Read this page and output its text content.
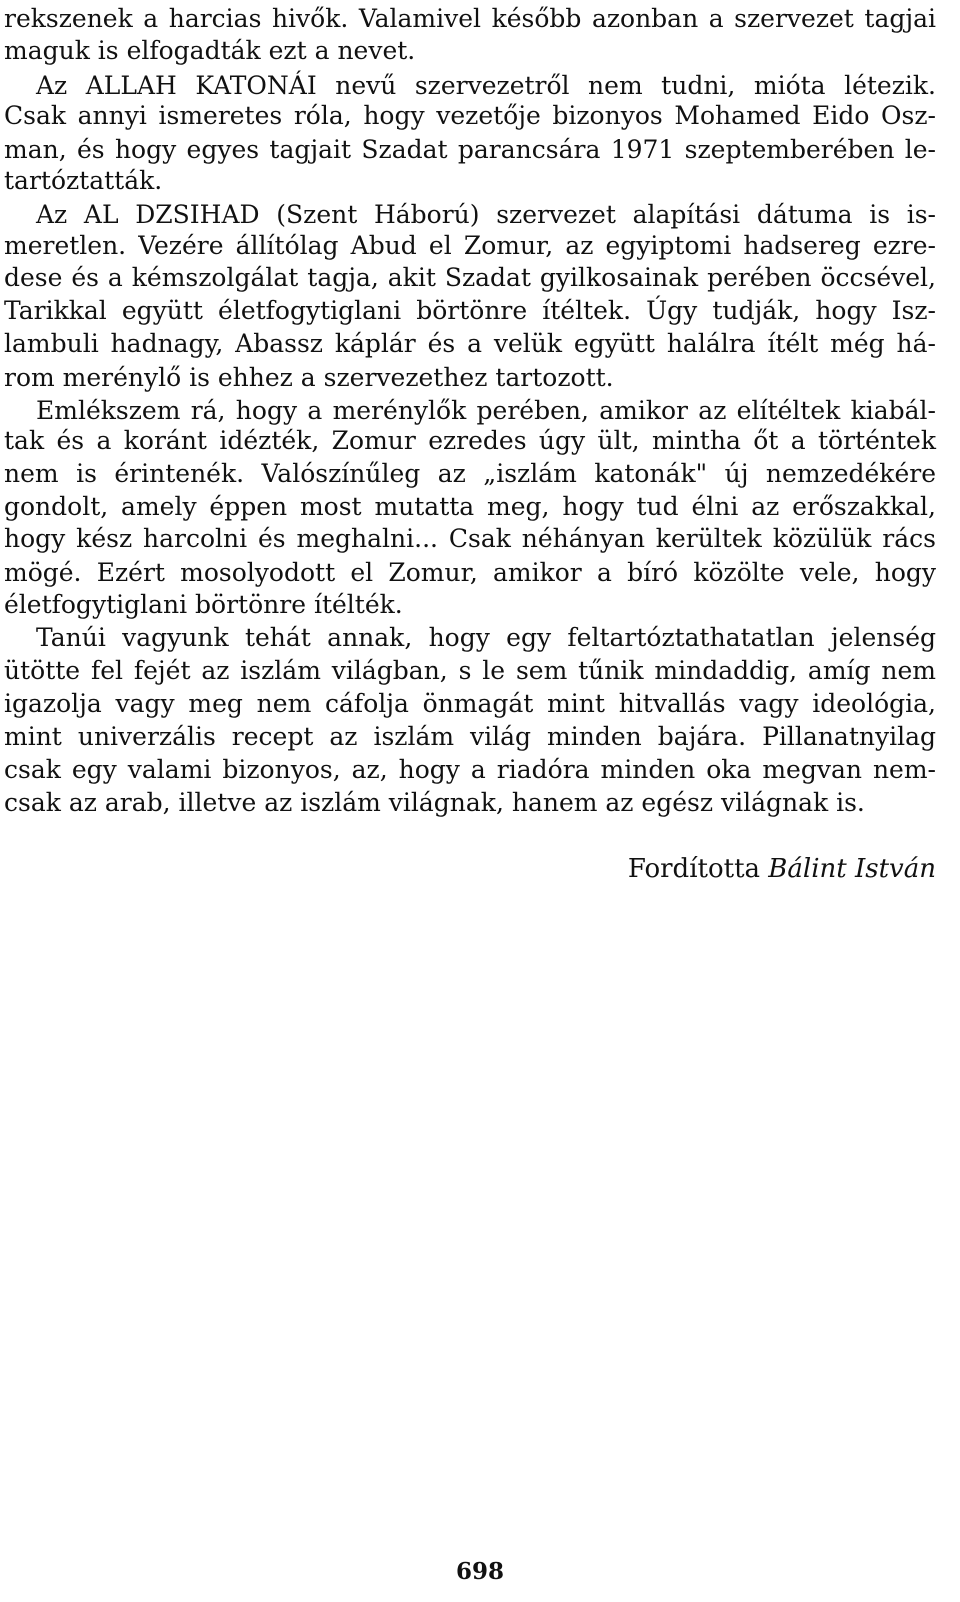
rekszenek a harcias hivők. Valamivel később azonban a szervezet tagjai
maguk is elfogadták ezt a nevet.
Az ALLAH KATONÁI nevű szervezetről nem tudni, mióta létezik.
Csak annyi ismeretes róla, hogy vezetője bizonyos Mohamed Eido Osz-
man, és hogy egyes tagjait Szadat parancsára 1971 szeptemberében le-
tartóztatták.
Az AL DZSIHAD (Szent Háború) szervezet alapítási dátuma is is-
meretlen. Vezére állítólag Abud el Zomur, az egyiptomi hadsereg ezre-
dese és a kémszolgálat tagja, akit Szadat gyilkosainak perében öccsével,
Tarikkal együtt életfogytiglani börtönre ítéltek. Úgy tudják, hogy Isz-
lambuli hadnagy, Abassz káplár és a velük együtt halálra ítélt még há-
rom merénylő is ehhez a szervezethez tartozott.
Emlékszem rá, hogy a merénylők perében, amikor az elítéltek kiabál-
tak és a koránt idézték, Zomur ezredes úgy ült, mintha őt a történtek
nem is érintenék. Valószínűleg az „iszlám katonák" új nemzedékére
gondolt, amely éppen most mutatta meg, hogy tud élni az erőszakkal,
hogy kész harcolni és meghalni... Csak néhányan kerültek közülük rács
mögé. Ezért mosolyodott el Zomur, amikor a bíró közölte vele, hogy
életfogytiglani börtönre ítélték.
Tanúi vagyunk tehát annak, hogy egy feltartóztathatatlan jelenség
ütötte fel fejét az iszlám világban, s le sem tűnik mindaddig, amíg nem
igazolja vagy meg nem cáfolja önmagát mint hitvallás vagy ideológia,
mint univerzális recept az iszlám világ minden bajára. Pillanatnyilag
csak egy valami bizonyos, az, hogy a riadóra minden oka megvan nem-
csak az arab, illetve az iszlám világnak, hanem az egész világnak is.
Fordította Bálint István
698
